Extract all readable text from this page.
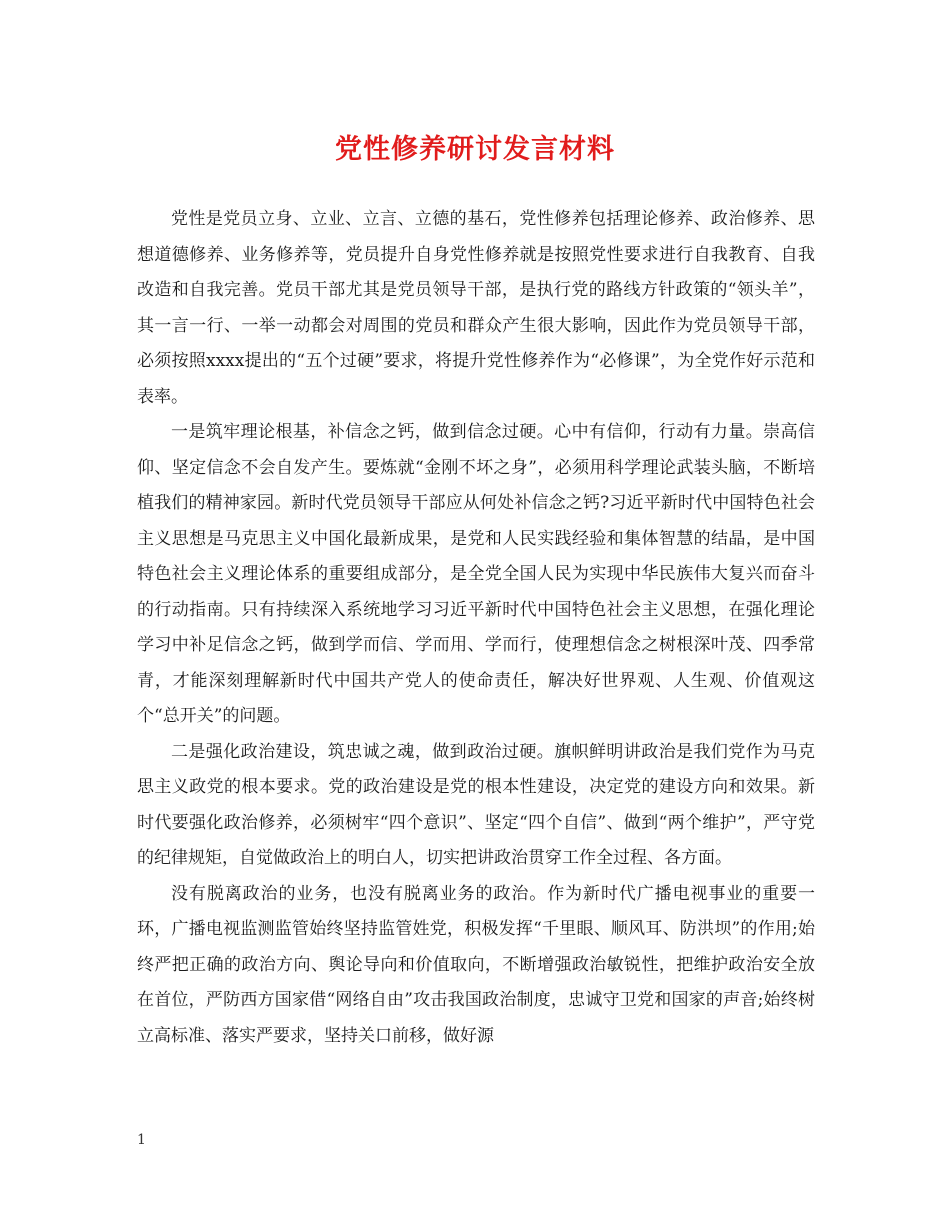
党性修养研讨发言材料

党性是党员立身、立业、立言、立德的基石，党性修养包括理论修养、政治修养、思想道德修养、业务修养等，党员提升自身党性修养就是按照党性要求进行自我教育、自我改造和自我完善。党员干部尤其是党员领导干部，是执行党的路线方针政策的“领头羊”，其一言一行、一举一动都会对周围的党员和群众产生很大影响，因此作为党员领导干部，必须按照xxxx提出的“五个过硬”要求，将提升党性修养作为“必修课”，为全党作好示范和表率。

一是筑牢理论根基，补信念之钙，做到信念过硬。心中有信仰，行动有力量。崇高信仰、坚定信念不会自发产生。要炼就“金刚不坏之身”，必须用科学理论武装头脑，不断培植我们的精神家园。新时代党员领导干部应从何处补信念之钙?习近平新时代中国特色社会主义思想是马克思主义中国化最新成果，是党和人民实践经验和集体智慧的结晶，是中国特色社会主义理论体系的重要组成部分，是全党全国人民为实现中华民族伟大复兴而奋斗的行动指南。只有持续深入系统地学习习近平新时代中国特色社会主义思想，在强化理论学习中补足信念之钙，做到学而信、学而用、学而行，使理想信念之树根深叶茂、四季常青，才能深刻理解新时代中国共产党人的使命责任，解决好世界观、人生观、价值观这个“总开关”的问题。

二是强化政治建设，筑忠诚之魂，做到政治过硬。旗帜鲜明讲政治是我们党作为马克思主义政党的根本要求。党的政治建设是党的根本性建设，决定党的建设方向和效果。新时代要强化政治修养，必须树牢“四个意识”、坚定“四个自信”、做到“两个维护”，严守党的纪律规矩，自觉做政治上的明白人，切实把讲政治贯穿工作全过程、各方面。

没有脱离政治的业务，也没有脱离业务的政治。作为新时代广播电视事业的重要一环，广播电视监测监管始终坚持监管姓党，积极发挥“千里眼、顺风耳、防洪坝”的作用;始终严把正确的政治方向、舆论导向和价值取向，不断增强政治敏锐性，把维护政治安全放在首位，严防西方国家借“网络自由”攻击我国政治制度，忠诚守卫党和国家的声音;始终树立高标准、落实严要求，坚持关口前移，做好源

1
